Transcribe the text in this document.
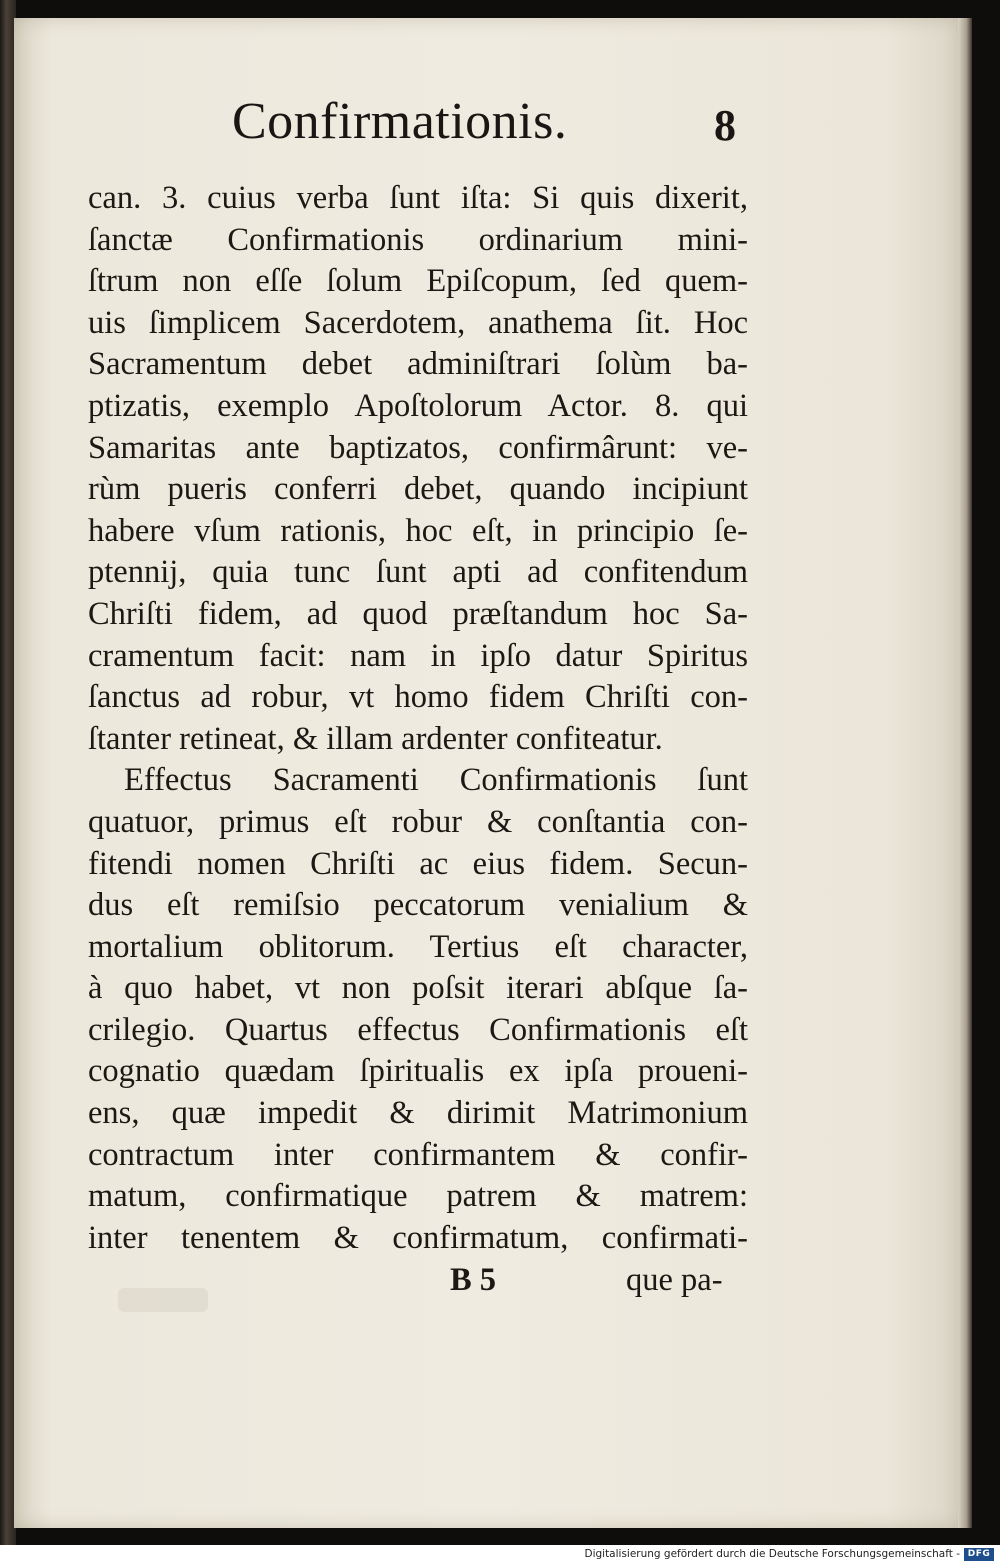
Confirmationis.	8
can. 3. cuius verba ſunt iſta: Si quis dixerit,
ſanctæ Confirmationis ordinarium mini-
ſtrum non eſſe ſolum Epiſcopum, ſed quem-
uis ſimplicem Sacerdotem, anathema ſit. Hoc
Sacramentum debet adminiſtrari ſolùm ba-
ptizatis, exemplo Apoſtolorum Actor. 8. qui
Samaritas ante baptizatos, confirmârunt: ve-
rùm pueris conferri debet, quando incipiunt
habere vſum rationis, hoc eſt, in principio ſe-
ptennij, quia tunc ſunt apti ad confitendum
Chriſti fidem, ad quod præſtandum hoc Sa-
cramentum facit: nam in ipſo datur Spiritus
ſanctus ad robur, vt homo fidem Chriſti con-
ſtanter retineat, & illam ardenter confiteatur.
Effectus Sacramenti Confirmationis ſunt
quatuor, primus eſt robur & conſtantia con-
fitendi nomen Chriſti ac eius fidem. Secun-
dus eſt remiſsio peccatorum venialium &
mortalium oblitorum. Tertius eſt character,
à quo habet, vt non poſsit iterari abſque ſa-
crilegio. Quartus effectus Confirmationis eſt
cognatio quædam ſpiritualis ex ipſa proueni-
ens, quæ impedit & dirimit Matrimonium
contractum inter confirmantem & confir-
matum, confirmatique patrem & matrem:
inter tenentem & confirmatum, confirmati-
B 5	que pa-
Digitalisierung gefördert durch die Deutsche Forschungsgemeinschaft - DFG
